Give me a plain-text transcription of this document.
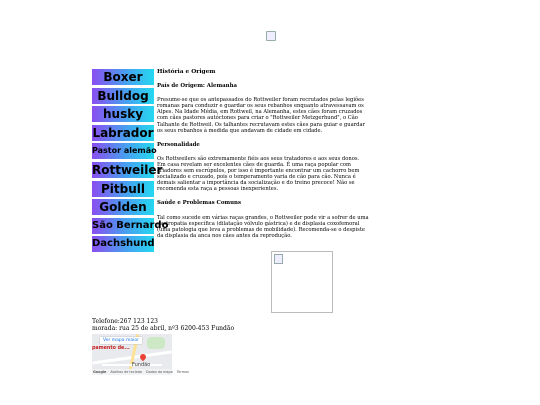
Boxer
Bulldog
husky
Labrador
Pastor alemão
Rottweiler
Pitbull
Golden
São Bernardo
Dachshund
História e Origem
País de Origem: Alemanha

Presume-se que os antepassados do Rottweiler foram recrutados pelas legiões romanas para conduzir e guardar os seus rebanhos enquanto atravessavam os Alpes. Na Idade Média, em Rottweil, na Alemanha, estes cães foram cruzados com cães pastores autóctones para criar o "Rottweiler Metzgerhund", o Cão Talhante de Rottweil. Os talhantes recrutavam estes cães para guiar e guardar os seus rebanhos à medida que andavam de cidade em cidade.

Personalidade

Os Rottweilers são extremamente fiéis aos seus tratadores e aos seus donos. Em casa revelam ser excelentes cães de guarda. É uma raça popular com criadores sem escrúpulos, por isso é importante encontrar um cachorro bem socializado e cruzado, pois o temperamento varia de cão para cão. Nunca é demais salientar a importância da socialização e do treino precoce! Não se recomenda esta raça a pessoas inexperientes.

Saúde e Problemas Comuns

Tal como sucede em várias raças grandes, o Rottweiler pode vir a sofrer de uma gastropatia específica (dilatação vólvulo gástrica) e de displasia coxofemoral (uma patologia que leva a problemas de mobilidade). Recomenda-se o despiste da displasia da anca nos cães antes da reprodução.

Telefone:267 123 123
morada: rua 25 de abril, nº3 6200-453 Fundão
Ver mapa maior
pamento de...
Fundão
Google Atalhos de teclado Dados do mapa Termos
